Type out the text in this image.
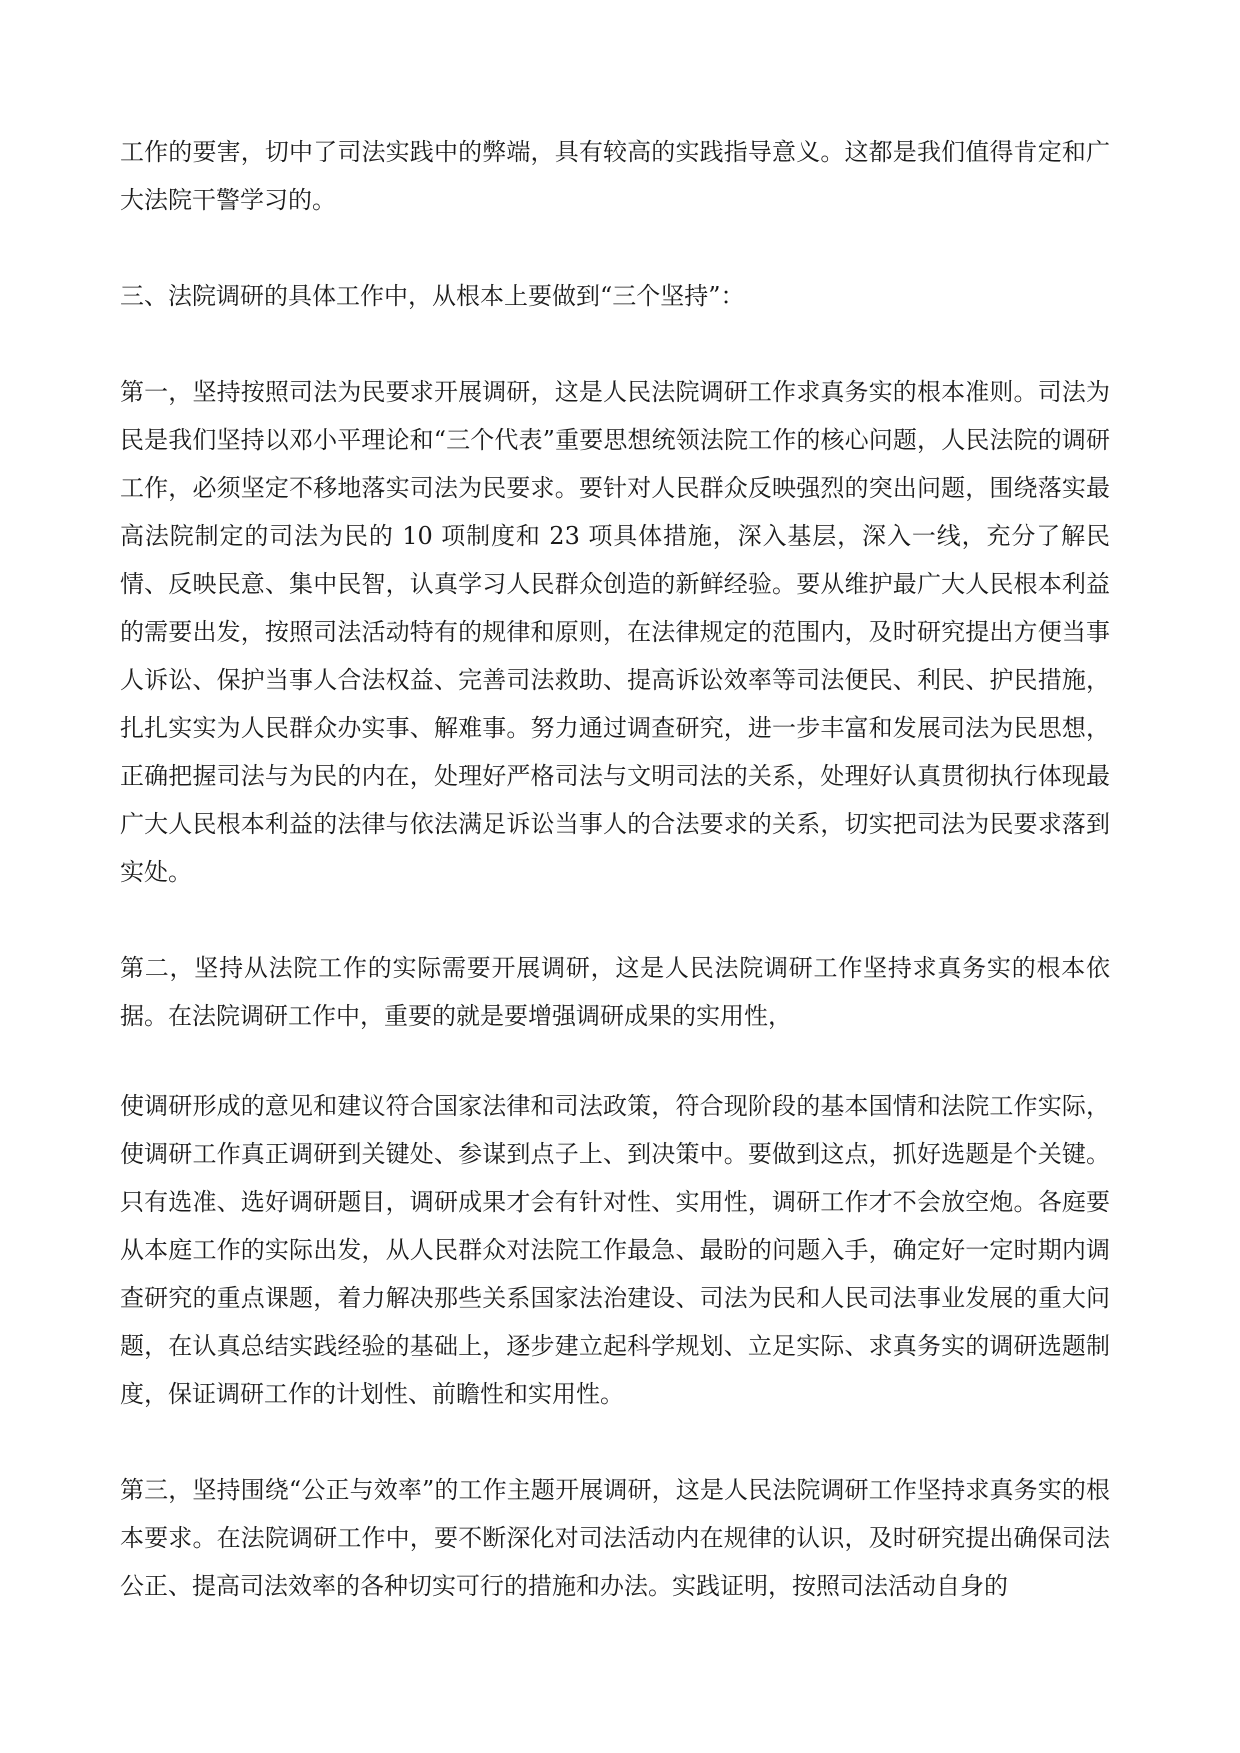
工作的要害，切中了司法实践中的弊端，具有较高的实践指导意义。这都是我们值得肯定和广大法院干警学习的。

三、法院调研的具体工作中，从根本上要做到“三个坚持”：

第一，坚持按照司法为民要求开展调研，这是人民法院调研工作求真务实的根本准则。司法为民是我们坚持以邓小平理论和“三个代表”重要思想统领法院工作的核心问题，人民法院的调研工作，必须坚定不移地落实司法为民要求。要针对人民群众反映强烈的突出问题，围绕落实最高法院制定的司法为民的 10 项制度和 23 项具体措施，深入基层，深入一线，充分了解民情、反映民意、集中民智，认真学习人民群众创造的新鲜经验。要从维护最广大人民根本利益的需要出发，按照司法活动特有的规律和原则，在法律规定的范围内，及时研究提出方便当事人诉讼、保护当事人合法权益、完善司法救助、提高诉讼效率等司法便民、利民、护民措施，扎扎实实为人民群众办实事、解难事。努力通过调查研究，进一步丰富和发展司法为民思想，正确把握司法与为民的内在，处理好严格司法与文明司法的关系，处理好认真贯彻执行体现最广大人民根本利益的法律与依法满足诉讼当事人的合法要求的关系，切实把司法为民要求落到实处。

第二，坚持从法院工作的实际需要开展调研，这是人民法院调研工作坚持求真务实的根本依据。在法院调研工作中，重要的就是要增强调研成果的实用性，

使调研形成的意见和建议符合国家法律和司法政策，符合现阶段的基本国情和法院工作实际，使调研工作真正调研到关键处、参谋到点子上、到决策中。要做到这点，抓好选题是个关键。只有选准、选好调研题目，调研成果才会有针对性、实用性，调研工作才不会放空炮。各庭要从本庭工作的实际出发，从人民群众对法院工作最急、最盼的问题入手，确定好一定时期内调查研究的重点课题，着力解决那些关系国家法治建设、司法为民和人民司法事业发展的重大问题，在认真总结实践经验的基础上，逐步建立起科学规划、立足实际、求真务实的调研选题制度，保证调研工作的计划性、前瞻性和实用性。

第三，坚持围绕“公正与效率”的工作主题开展调研，这是人民法院调研工作坚持求真务实的根本要求。在法院调研工作中，要不断深化对司法活动内在规律的认识，及时研究提出确保司法公正、提高司法效率的各种切实可行的措施和办法。实践证明，按照司法活动自身的
